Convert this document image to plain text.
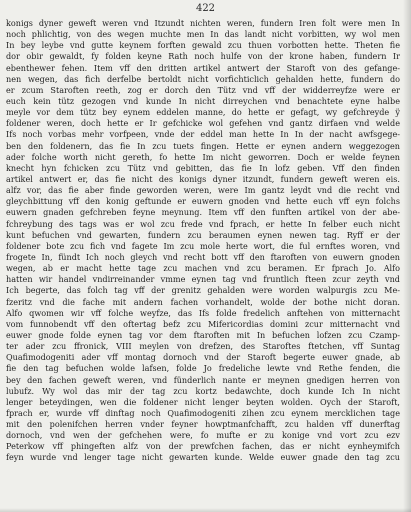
422
konigs dyner geweft weren vnd Itzundt nichten weren, fundern Iren folt were men In
noch phlichtig, von des wegen muchte men In das landt nicht vorbitten, wy wol men
In bey leybe vnd gutte keynem forften gewald zcu thuen vorbotten hette. Theten fie
dor obir gewaldt, fy folden keyne Rath noch hulfe von der krone haben, fundern Ir
ebenthewer fehen. Item vff den dritten artikel antwert der Staroft von des gefange-
nen wegen, das fich derfelbe bertoldt nicht vorfichticlich gehalden hette, fundern do
er zcum Staroften reeth, zog er dorch den Tütz vnd vff der widderreyfze were er
euch kein tütz gezogen vnd kunde In nicht dirreychen vnd benachtete eyne halbe
meyle vor dem tütz bey eynem eddelen manne, do hette er gefagt, wy gefchreyde ÿ
foldener weren, doch hette er Ir gefchicke wol gefehen vnd gantz dirfaen vnd welde
Ifs noch vorbas mehr vorfpeen, vnde der eddel man hette In In der nacht awfsgege-
ben den foldenern, das fie In zcu tuets fingen. Hette er eynen andern weggezogen
ader folche worth nicht gereth, fo hette Im nicht geworren. Doch er welde feynen
knecht hyn fchicken zcu Tütz vnd gebitten, das fie In lofz geben. Vff den finden
artikel antwert er, das fie nicht des konigs dyner itzundt, fundern geweft weren eis.
alfz vor, das fie aber finde geworden weren, were Im gantz leydt vnd die recht vnd
gleychbittung vff den konig geftunde er euwern gnoden vnd hette euch vff eyn folchs
euwern gnaden gefchreben feyne meynung. Item vff den funften artikel von der abe-
fchreybung des tags was er wol zcu frede vnd fprach, er hette In felber euch nicht
kunt befuchen vnd gewarten, fundern zcu beraumen eynen newen tag. Ryff er der
foldener bote zcu fich vnd fagete Im zcu mole herte wort, die ful ernftes woren, vnd
frogete In, fündt Ich noch gleych vnd recht bott vff den ftaroften von euwern gnoden
wegen, ab er macht hette tage zcu machen vnd zcu beramen. Er fprach Jo. Alfo
hatten wir handel vndirreinander vmme eynen tag vnd fruntlich fteen zcur zeyth vnd
Ich begerte, das folch tag vff der grenitz gehalden were worden walpurgis zcu Me-
fzeritz vnd die fache mit andern fachen vorhandelt, wolde der bothe nicht doran.
Alfo qwomen wir vff folche weyfze, das Ifs folde fredelich anftehen von mitternacht
vom funnobendt vff den oftertag befz zcu Mifericordias domini zcur mitternacht vnd
euwer gnode folde eynen tag vor dem ftaroften mit In befuchen lofzen zcu Czamp-
ter ader zcu ffronick, VIII meylen von drefzen, des Staroftes ftetchen, vff Suntag
Quafimodogeniti ader vff montag dornoch vnd der Staroft begerte euwer gnade, ab
fie den tag befuchen wolde lafsen, folde Jo fredeliche lewte vnd Rethe fenden, die
bey den fachen geweft weren, vnd fünderlich nante er meynen gnedigen herren von
lubufz. Wy wol das mir der tag zcu kortz bedawchte, doch kunde Ich In nicht
lenger beteydingen, wen die foldener nicht lenger beyten wolden. Oych der Staroft,
fprach er, wurde vff dinftag noch Quafimodogeniti zihen zcu eynem mercklichen tage
mit den polenifchen herren vnder feyner howptmanfchafft, zcu halden vff dunerftag
dornoch, vnd wen der gefchehen were, fo mufte er zu konige vnd vort zcu ezv
Peterkow vff phingeften alfz von der prewfchen fachen, das er nicht eynheymifch
feyn wurde vnd lenger tage nicht gewarten kunde. Welde euwer gnade den tag zcu
